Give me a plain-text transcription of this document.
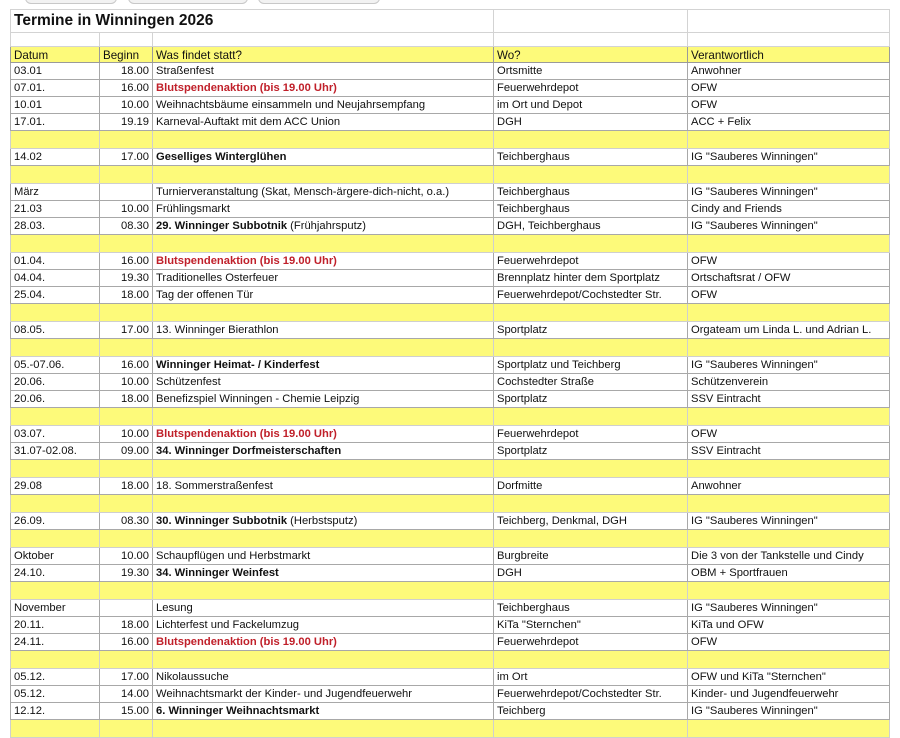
Termine in Winningen 2026				

Datum	Beginn	Was findet statt?	Wo?	Verantwortlich
03.01	18.00	Straßenfest	Ortsmitte	Anwohner
07.01.	16.00	Blutspendenaktion (bis 19.00 Uhr)	Feuerwehrdepot	OFW
10.01	10.00	Weihnachtsbäume einsammeln und Neujahrsempfang	im Ort und Depot	OFW
17.01.	19.19	Karneval-Auftakt mit dem ACC Union	DGH	ACC + Felix

14.02	17.00	Geselliges Winterglühen	Teichberghaus	IG "Sauberes Winningen"

März		Turnierveranstaltung (Skat, Mensch-ärgere-dich-nicht, o.a.)	Teichberghaus	IG "Sauberes Winningen"
21.03	10.00	Frühlingsmarkt	Teichberghaus	Cindy and Friends
28.03.	08.30	29. Winninger Subbotnik (Frühjahrsputz)	DGH, Teichberghaus	IG "Sauberes Winningen"

01.04.	16.00	Blutspendenaktion (bis 19.00 Uhr)	Feuerwehrdepot	OFW
04.04.	19.30	Traditionelles Osterfeuer	Brennplatz hinter dem Sportplatz	Ortschaftsrat / OFW
25.04.	18.00	Tag der offenen Tür	Feuerwehrdepot/Cochstedter Str.	OFW

08.05.	17.00	13. Winninger Bierathlon	Sportplatz	Orgateam um Linda L. und Adrian L.

05.-07.06.	16.00	Winninger Heimat- / Kinderfest	Sportplatz und Teichberg	IG "Sauberes Winningen"
20.06.	10.00	Schützenfest	Cochstedter Straße	Schützenverein
20.06.	18.00	Benefizspiel Winningen - Chemie Leipzig	Sportplatz	SSV Eintracht

03.07.	10.00	Blutspendenaktion (bis 19.00 Uhr)	Feuerwehrdepot	OFW
31.07-02.08.	09.00	34. Winninger Dorfmeisterschaften	Sportplatz	SSV Eintracht

29.08	18.00	18. Sommerstraßenfest	Dorfmitte	Anwohner

26.09.	08.30	30. Winninger Subbotnik (Herbstsputz)	Teichberg, Denkmal, DGH	IG "Sauberes Winningen"

Oktober	10.00	Schaupflügen und Herbstmarkt	Burgbreite	Die 3 von der Tankstelle und Cindy
24.10.	19.30	34. Winninger Weinfest	DGH	OBM + Sportfrauen

November		Lesung	Teichberghaus	IG "Sauberes Winningen"
20.11.	18.00	Lichterfest und Fackelumzug	KiTa "Sternchen"	KiTa und OFW
24.11.	16.00	Blutspendenaktion (bis 19.00 Uhr)	Feuerwehrdepot	OFW

05.12.	17.00	Nikolaussuche	im Ort	OFW und KiTa "Sternchen"
05.12.	14.00	Weihnachtsmarkt der Kinder- und Jugendfeuerwehr	Feuerwehrdepot/Cochstedter Str.	Kinder- und Jugendfeuerwehr
12.12.	15.00	6. Winninger Weihnachtsmarkt	Teichberg	IG "Sauberes Winningen"
